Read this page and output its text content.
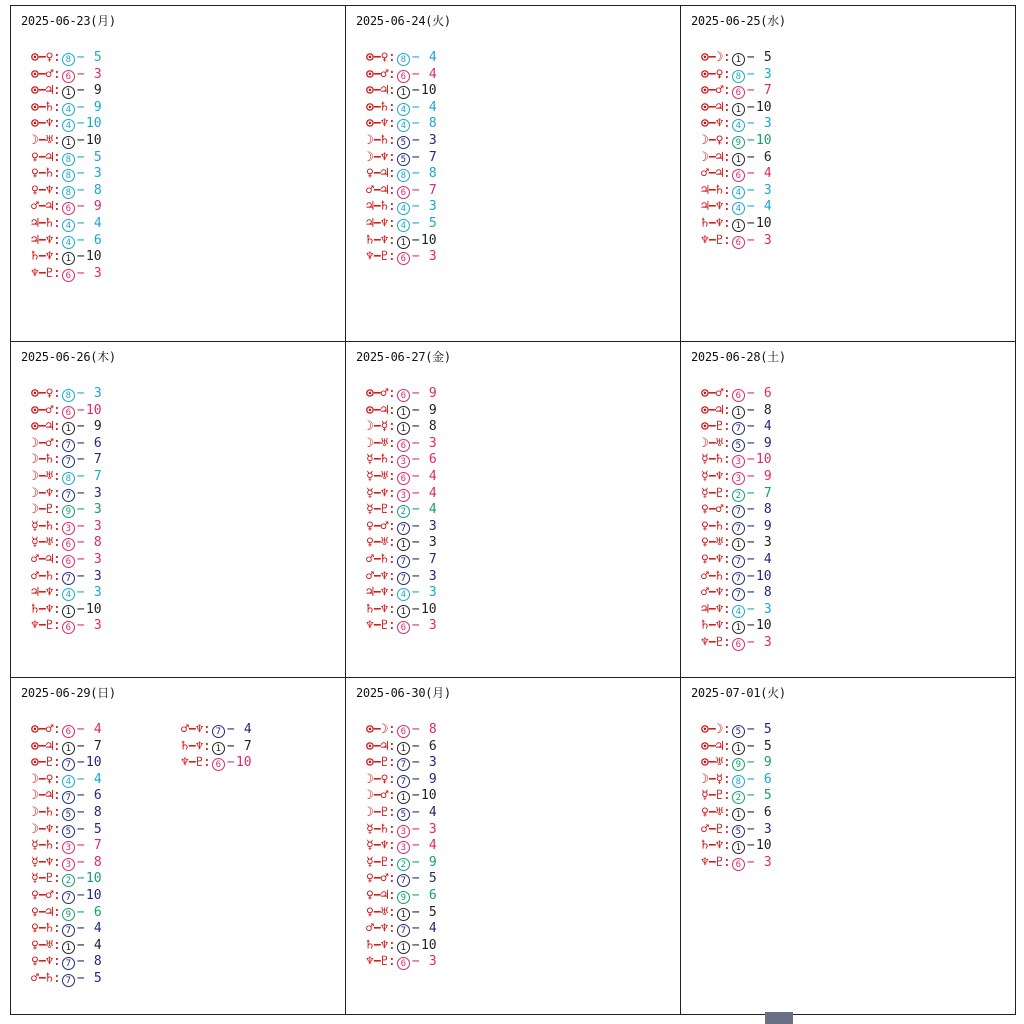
2025-06-23(月)
⊙−♀: 8 − 5
⊙−♂: 6 − 3
⊙−♃: 1 − 9
⊙−♄: 4 − 9
⊙−♆: 4 −10
☽−♅: 1 −10
♀−♃: 8 − 5
♀−♄: 8 − 3
♀−♆: 8 − 8
♂−♃: 6 − 9
♃−♄: 4 − 4
♃−♆: 4 − 6
♄−♆: 1 −10
♆−♇: 6 − 3
2025-06-24(火)
⊙−♀: 8 − 4
⊙−♂: 6 − 4
⊙−♃: 1 −10
⊙−♄: 4 − 4
⊙−♆: 4 − 8
☽−♄: 5 − 3
☽−♆: 5 − 7
♀−♃: 8 − 8
♂−♃: 6 − 7
♃−♄: 4 − 3
♃−♆: 4 − 5
♄−♆: 1 −10
♆−♇: 6 − 3
2025-06-25(水)
⊙−☽: 1 − 5
⊙−♀: 8 − 3
⊙−♂: 6 − 7
⊙−♃: 1 −10
⊙−♆: 4 − 3
☽−♀: 9 −10
☽−♃: 1 − 6
♂−♃: 6 − 4
♃−♄: 4 − 3
♃−♆: 4 − 4
♄−♆: 1 −10
♆−♇: 6 − 3
2025-06-26(木)
⊙−♀: 8 − 3
⊙−♂: 6 −10
⊙−♃: 1 − 9
☽−♂: 7 − 6
☽−♄: 7 − 7
☽−♅: 8 − 7
☽−♆: 7 − 3
☽−♇: 9 − 3
☿−♄: 3 − 3
☿−♅: 6 − 8
♂−♃: 6 − 3
♂−♄: 7 − 3
♃−♆: 4 − 3
♄−♆: 1 −10
♆−♇: 6 − 3
2025-06-27(金)
⊙−♂: 6 − 9
⊙−♃: 1 − 9
☽−☿: 1 − 8
☽−♅: 6 − 3
☿−♄: 3 − 6
☿−♅: 6 − 4
☿−♆: 3 − 4
☿−♇: 2 − 4
♀−♂: 7 − 3
♀−♅: 1 − 3
♂−♄: 7 − 7
♂−♆: 7 − 3
♃−♆: 4 − 3
♄−♆: 1 −10
♆−♇: 6 − 3
2025-06-28(土)
⊙−♂: 6 − 6
⊙−♃: 1 − 8
⊙−♇: 7 − 4
☽−♅: 5 − 9
☿−♄: 3 −10
☿−♆: 3 − 9
☿−♇: 2 − 7
♀−♂: 7 − 8
♀−♄: 7 − 9
♀−♅: 1 − 3
♀−♆: 7 − 4
♂−♄: 7 −10
♂−♆: 7 − 8
♃−♆: 4 − 3
♄−♆: 1 −10
♆−♇: 6 − 3
2025-06-29(日)
⊙−♂: 6 − 4
⊙−♃: 1 − 7
⊙−♇: 7 −10
☽−♀: 4 − 4
☽−♃: 7 − 6
☽−♄: 5 − 8
☽−♆: 5 − 5
☿−♄: 3 − 7
☿−♆: 3 − 8
☿−♇: 2 −10
♀−♂: 7 −10
♀−♃: 9 − 6
♀−♄: 7 − 4
♀−♅: 1 − 4
♀−♆: 7 − 8
♂−♄: 7 − 5
♂−♆: 7 − 4
♄−♆: 1 − 7
♆−♇: 6 −10
2025-06-30(月)
⊙−☽: 6 − 8
⊙−♃: 1 − 6
⊙−♇: 7 − 3
☽−♀: 7 − 9
☽−♂: 1 −10
☽−♇: 5 − 4
☿−♄: 3 − 3
☿−♆: 3 − 4
☿−♇: 2 − 9
♀−♂: 7 − 5
♀−♃: 9 − 6
♀−♅: 1 − 5
♂−♆: 7 − 4
♄−♆: 1 −10
♆−♇: 6 − 3
2025-07-01(火)
⊙−☽: 5 − 5
⊙−♃: 1 − 5
⊙−♅: 9 − 9
☽−☿: 8 − 6
☿−♇: 2 − 5
♀−♅: 1 − 6
♂−♇: 5 − 3
♄−♆: 1 −10
♆−♇: 6 − 3
